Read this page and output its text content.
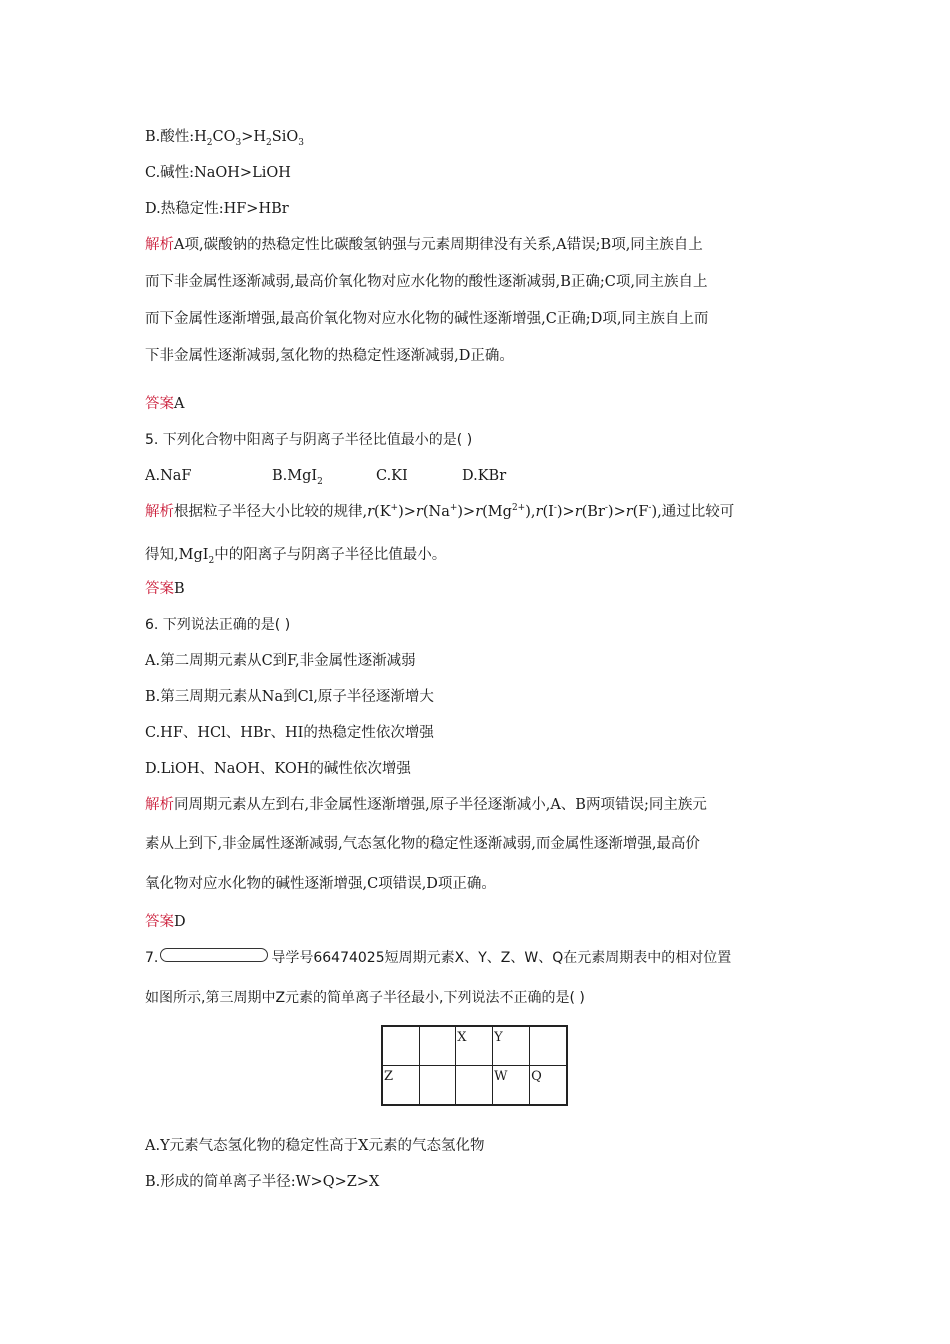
B.酸性$:H_2CO_3>H_2SiO_3$
C.碱性:NaOH>LiOH
D.热稳定性:HF>HBr
解析A项,碳酸钠的热稳定性比碳酸氢钠强与元素周期律没有关系,A错误;B项,同主族自上
而下非金属性逐渐减弱,最高价氧化物对应水化物的酸性逐渐减弱,B正确;C项,同主族自上
而下金属性逐渐增强,最高价氧化物对应水化物的碱性逐渐增强,C正确;D项,同主族自上而
下非金属性逐渐减弱,氢化物的热稳定性逐渐减弱,D正确。
答案A
5. 下列化合物中阳离子与阴离子半径比值最小的是( )
A.NaF	B.MgI$_2$	C.KI	D.KBr
解析根据粒子半径大小比较的规律$,r(K^+)>r(Na^+)>r(Mg^{2+}),r(I^-)>r(Br^-)>r(F^-)$,通过比较可
得知,MgI$_2$中的阳离子与阴离子半径比值最小。
答案B
6. 下列说法正确的是( )
A.第二周期元素从C到F,非金属性逐渐减弱
B.第三周期元素从Na到Cl,原子半径逐渐增大
C.HF、HCl、HBr、HI的热稳定性依次增强
D.LiOH、NaOH、KOH的碱性依次增强
解析同周期元素从左到右,非金属性逐渐增强,原子半径逐渐减小,A、B两项错误;同主族元
素从上到下,非金属性逐渐减弱,气态氢化物的稳定性逐渐减弱,而金属性逐渐增强,最高价
氧化物对应水化物的碱性逐渐增强,C项错误,D项正确。
答案D
7.	导学号66474025短周期元素X、Y、Z、W、Q在元素周期表中的相对位置
如图所示,第三周期中Z元素的简单离子半径最小,下列说法不正确的是( )

		X	Y	

Z			W	Q
A.Y元素气态氢化物的稳定性高于X元素的气态氢化物
B.形成的简单离子半径:W>Q>Z>X
